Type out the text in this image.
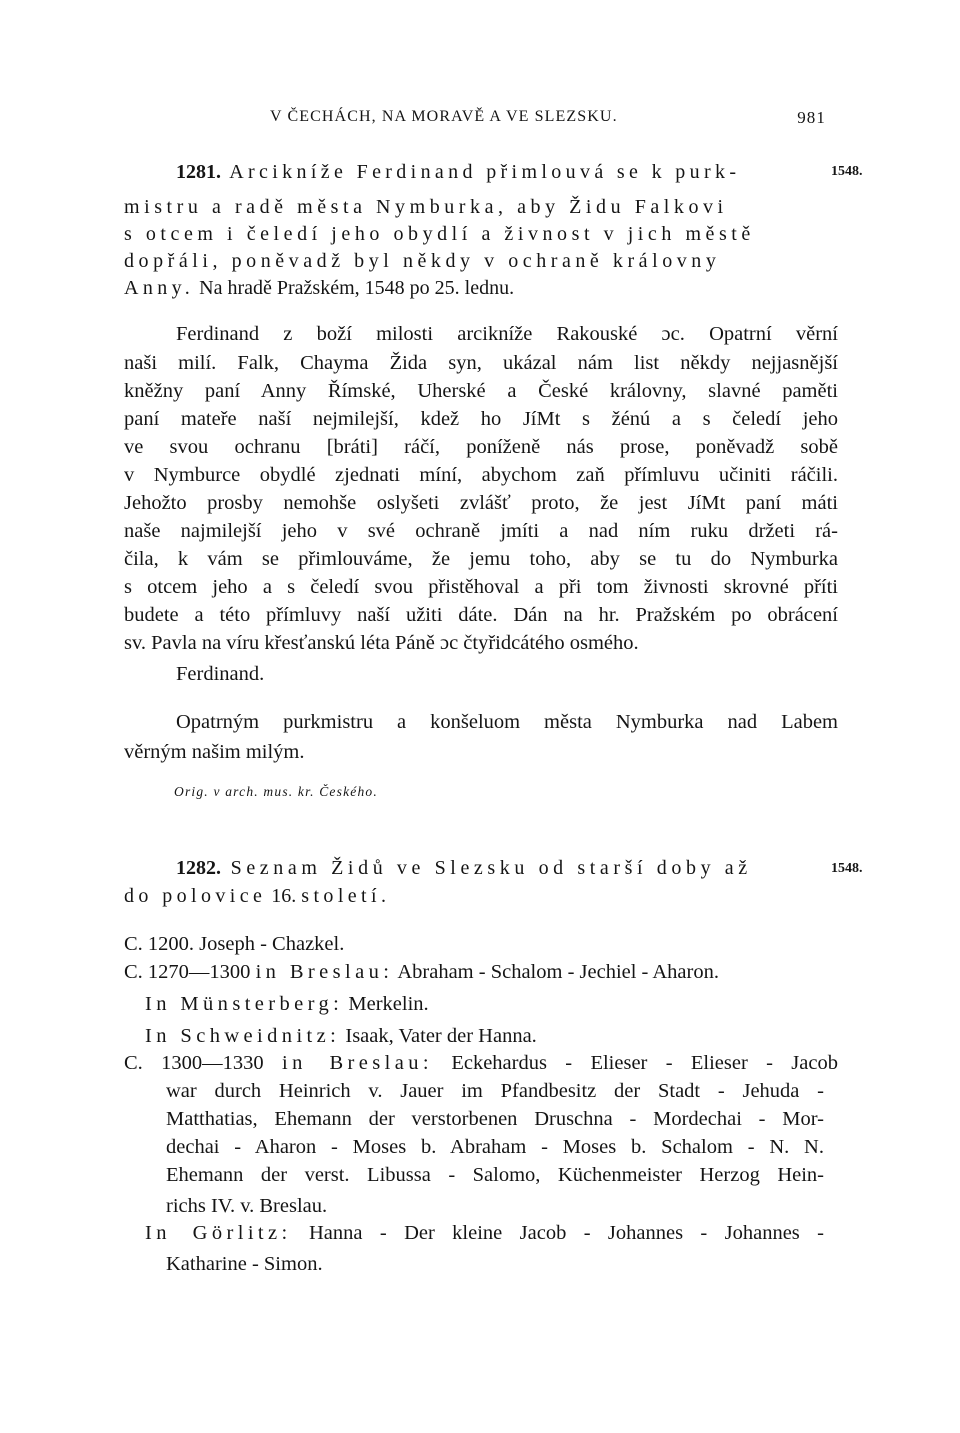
V ČECHÁCH, NA MORAVĚ A VE SLEZSKU.	981
1281. Arcikníže Ferdinand přimlouvá se k purk-	1548.
mistru a radě města Nymburka, aby Židu Falkovi
s otcem i čeledí jeho obydlí a živnost v jich městě
dopřáli, poněvadž byl někdy v ochraně královny
Anny. Na hradě Pražském, 1548 po 25. lednu.
Ferdinand z boží milosti arcikníže Rakouské ɔc. Opatrní věrní
naši milí. Falk, Chayma Žida syn, ukázal nám list někdy nejjasnější
kněžny paní Anny Římské, Uherské a České královny, slavné paměti
paní mateře naší nejmilejší, kdež ho JíMt s žénú a s čeledí jeho
ve svou ochranu [bráti] ráčí, poníženě nás prose, poněvadž sobě
v Nymburce obydlé zjednati míní, abychom zaň přímluvu učiniti ráčili.
Jehožto prosby nemohše oslyšeti zvlášť proto, že jest JíMt paní máti
naše najmilejší jeho v své ochraně jmíti a nad ním ruku držeti rá-
čila, k vám se přimlouváme, že jemu toho, aby se tu do Nymburka
s otcem jeho a s čeledí svou přistěhoval a při tom živnosti skrovné příti
budete a této přímluvy naší užiti dáte. Dán na hr. Pražském po obrácení
sv. Pavla na víru křesťanskú léta Páně ɔc čtyřidcátého osmého.
Ferdinand.
Opatrným purkmistru a konšeluom města Nymburka nad Labem
věrným našim milým.
Orig. v arch. mus. kr. Českého.
1282. Seznam Židů ve Slezsku od starší doby až	1548.
do polovice 16. století.
C. 1200. Joseph - Chazkel.
C. 1270—1300 in Breslau: Abraham - Schalom - Jechiel - Aharon.
In Münsterberg: Merkelin.
In Schweidnitz: Isaak, Vater der Hanna.
C. 1300—1330 in Breslau: Eckehardus - Elieser - Elieser - Jacob
war durch Heinrich v. Jauer im Pfandbesitz der Stadt - Jehuda -
Matthatias, Ehemann der verstorbenen Druschna - Mordechai - Mor-
dechai - Aharon - Moses b. Abraham - Moses b. Schalom - N. N.
Ehemann der verst. Libussa - Salomo, Küchenmeister Herzog Hein-
richs IV. v. Breslau.
In Görlitz: Hanna - Der kleine Jacob - Johannes - Johannes -
Katharine - Simon.
